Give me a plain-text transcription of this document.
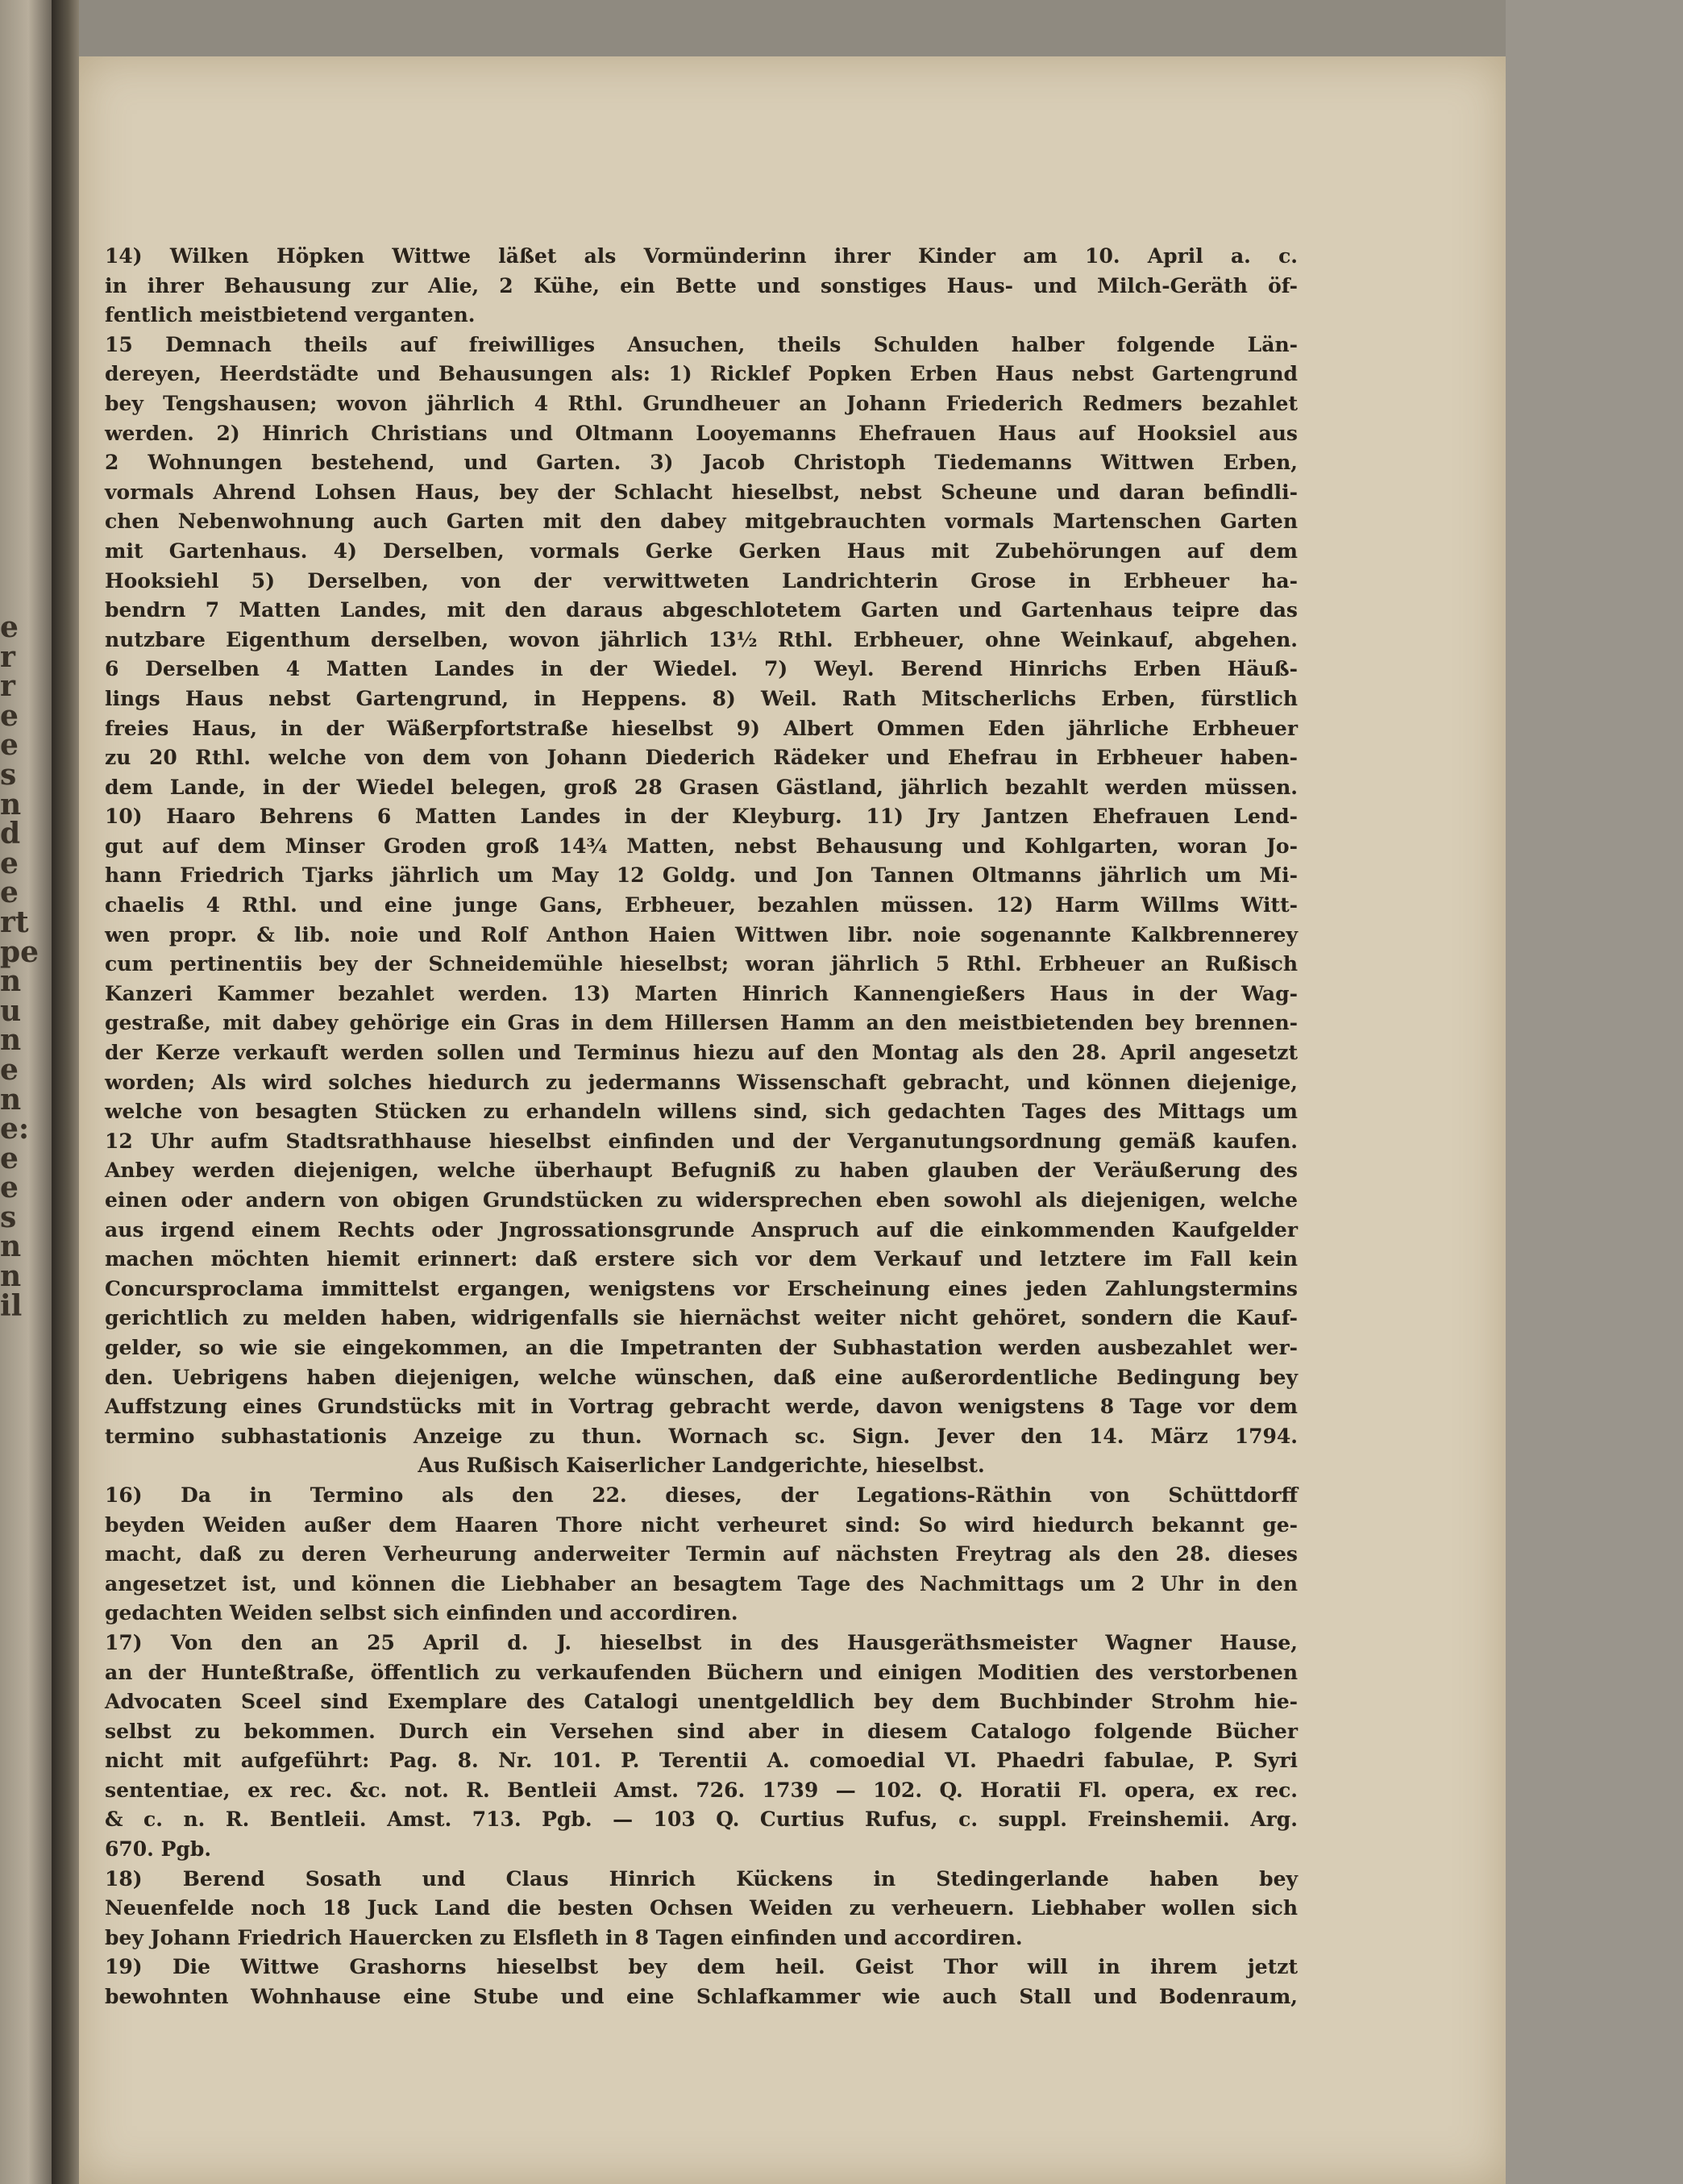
e
r
r
e
e
s
n
d
e
e
rt
pe
n
u
n
e
n
e:
e
e
s
n
n
il
14) Wilken Höpken Wittwe läßet als Vormünderinn ihrer Kinder am 10. April a. c.
in ihrer Behausung zur Alie, 2 Kühe, ein Bette und sonstiges Haus- und Milch-Geräth öf-
fentlich meistbietend verganten.
15 Demnach theils auf freiwilliges Ansuchen, theils Schulden halber folgende Län-
dereyen, Heerdstädte und Behausungen als: 1) Ricklef Popken Erben Haus nebst Gartengrund
bey Tengshausen; wovon jährlich 4 Rthl. Grundheuer an Johann Friederich Redmers bezahlet
werden. 2) Hinrich Christians und Oltmann Looyemanns Ehefrauen Haus auf Hooksiel aus
2 Wohnungen bestehend, und Garten. 3) Jacob Christoph Tiedemanns Wittwen Erben,
vormals Ahrend Lohsen Haus, bey der Schlacht hieselbst, nebst Scheune und daran befindli-
chen Nebenwohnung auch Garten mit den dabey mitgebrauchten vormals Martenschen Garten
mit Gartenhaus. 4) Derselben, vormals Gerke Gerken Haus mit Zubehörungen auf dem
Hooksiehl 5) Derselben, von der verwittweten Landrichterin Grose in Erbheuer ha-
bendrn 7 Matten Landes, mit den daraus abgeschlotetem Garten und Gartenhaus teipre das
nutzbare Eigenthum derselben, wovon jährlich 13½ Rthl. Erbheuer, ohne Weinkauf, abgehen.
6 Derselben 4 Matten Landes in der Wiedel. 7) Weyl. Berend Hinrichs Erben Häuß-
lings Haus nebst Gartengrund, in Heppens. 8) Weil. Rath Mitscherlichs Erben, fürstlich
freies Haus, in der Wäßerpfortstraße hieselbst 9) Albert Ommen Eden jährliche Erbheuer
zu 20 Rthl. welche von dem von Johann Diederich Rädeker und Ehefrau in Erbheuer haben-
dem Lande, in der Wiedel belegen, groß 28 Grasen Gästland, jährlich bezahlt werden müssen.
10) Haaro Behrens 6 Matten Landes in der Kleyburg. 11) Jry Jantzen Ehefrauen Lend-
gut auf dem Minser Groden groß 14¾ Matten, nebst Behausung und Kohlgarten, woran Jo-
hann Friedrich Tjarks jährlich um May 12 Goldg. und Jon Tannen Oltmanns jährlich um Mi-
chaelis 4 Rthl. und eine junge Gans, Erbheuer, bezahlen müssen. 12) Harm Willms Witt-
wen propr. & lib. noie und Rolf Anthon Haien Wittwen libr. noie sogenannte Kalkbrennerey
cum pertinentiis bey der Schneidemühle hieselbst; woran jährlich 5 Rthl. Erbheuer an Rußisch
Kanzeri Kammer bezahlet werden. 13) Marten Hinrich Kannengießers Haus in der Wag-
gestraße, mit dabey gehörige ein Gras in dem Hillersen Hamm an den meistbietenden bey brennen-
der Kerze verkauft werden sollen und Terminus hiezu auf den Montag als den 28. April angesetzt
worden; Als wird solches hiedurch zu jedermanns Wissenschaft gebracht, und können diejenige,
welche von besagten Stücken zu erhandeln willens sind, sich gedachten Tages des Mittags um
12 Uhr aufm Stadtsrathhause hieselbst einfinden und der Verganutungsordnung gemäß kaufen.
Anbey werden diejenigen, welche überhaupt Befugniß zu haben glauben der Veräußerung des
einen oder andern von obigen Grundstücken zu widersprechen eben sowohl als diejenigen, welche
aus irgend einem Rechts oder Jngrossationsgrunde Anspruch auf die einkommenden Kaufgelder
machen möchten hiemit erinnert: daß erstere sich vor dem Verkauf und letztere im Fall kein
Concursproclama immittelst ergangen, wenigstens vor Erscheinung eines jeden Zahlungstermins
gerichtlich zu melden haben, widrigenfalls sie hiernächst weiter nicht gehöret, sondern die Kauf-
gelder, so wie sie eingekommen, an die Impetranten der Subhastation werden ausbezahlet wer-
den. Uebrigens haben diejenigen, welche wünschen, daß eine außerordentliche Bedingung bey
Auffstzung eines Grundstücks mit in Vortrag gebracht werde, davon wenigstens 8 Tage vor dem
termino subhastationis Anzeige zu thun. Wornach sc. Sign. Jever den 14. März 1794.
Aus Rußisch Kaiserlicher Landgerichte, hieselbst.
16) Da in Termino als den 22. dieses, der Legations-Räthin von Schüttdorff
beyden Weiden außer dem Haaren Thore nicht verheuret sind: So wird hiedurch bekannt ge-
macht, daß zu deren Verheurung anderweiter Termin auf nächsten Freytrag als den 28. dieses
angesetzet ist, und können die Liebhaber an besagtem Tage des Nachmittags um 2 Uhr in den
gedachten Weiden selbst sich einfinden und accordiren.
17) Von den an 25 April d. J. hieselbst in des Hausgeräthsmeister Wagner Hause,
an der Hunteßtraße, öffentlich zu verkaufenden Büchern und einigen Moditien des verstorbenen
Advocaten Sceel sind Exemplare des Catalogi unentgeldlich bey dem Buchbinder Strohm hie-
selbst zu bekommen. Durch ein Versehen sind aber in diesem Catalogo folgende Bücher
nicht mit aufgeführt: Pag. 8. Nr. 101. P. Terentii A. comoedial VI. Phaedri fabulae, P. Syri
sententiae, ex rec. &c. not. R. Bentleii Amst. 726. 1739 — 102. Q. Horatii Fl. opera, ex rec.
& c. n. R. Bentleii. Amst. 713. Pgb. — 103 Q. Curtius Rufus, c. suppl. Freinshemii. Arg.
670. Pgb.
18) Berend Sosath und Claus Hinrich Kückens in Stedingerlande haben bey
Neuenfelde noch 18 Juck Land die besten Ochsen Weiden zu verheuern. Liebhaber wollen sich
bey Johann Friedrich Hauercken zu Elsfleth in 8 Tagen einfinden und accordiren.
19) Die Wittwe Grashorns hieselbst bey dem heil. Geist Thor will in ihrem jetzt
bewohnten Wohnhause eine Stube und eine Schlafkammer wie auch Stall und Bodenraum,
